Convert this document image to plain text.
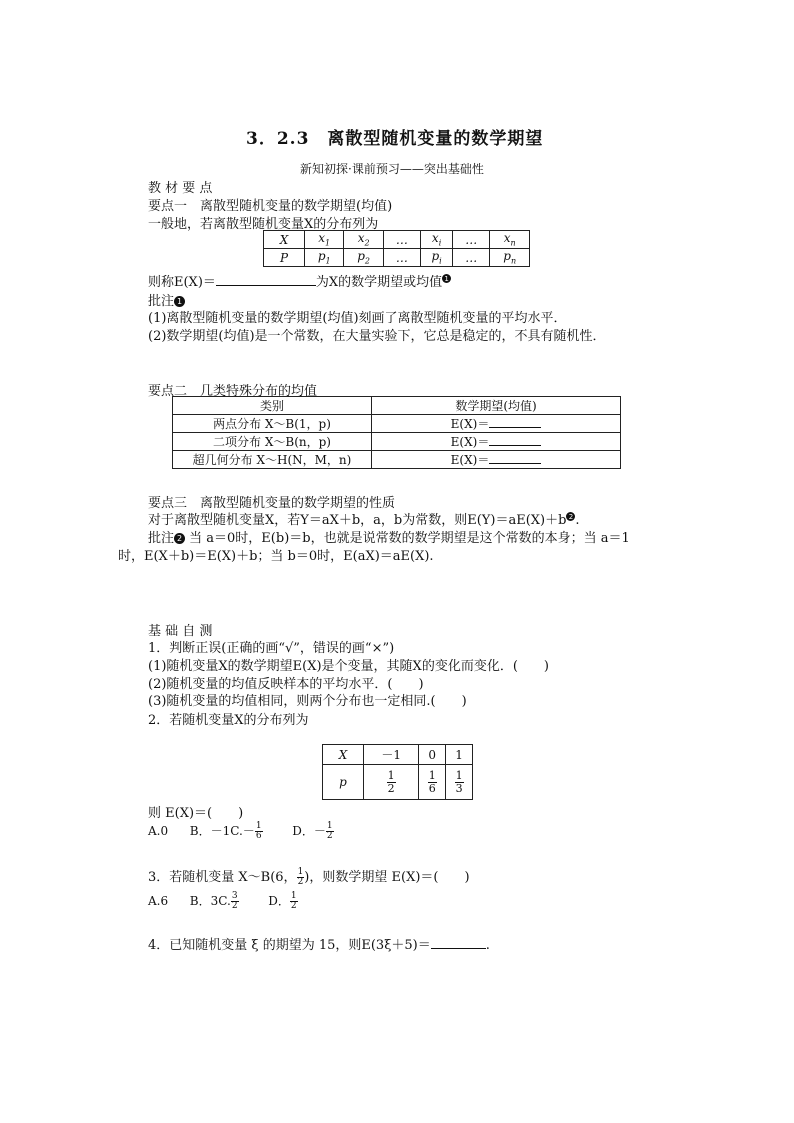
3．2.3　离散型随机变量的数学期望
新知初探·课前预习——突出基础性
教 材 要 点
要点一　离散型随机变量的数学期望(均值)
一般地，若离散型随机变量X的分布列为
X	$x_1$	$x_2$	…	$x_i$	…	$x_n$
P	$p_1$	$p_2$	…	$p_i$	…	$p_n$
则称E(X)＝	为X的数学期望或均值 1
批注 1
(1)离散型随机变量的数学期望(均值)刻画了离散型随机变量的平均水平．
(2)数学期望(均值)是一个常数，在大量实验下，它总是稳定的，不具有随机性．
要点二　几类特殊分布的均值
类别	数学期望(均值)
两点分布 X～B(1，p)	E(X)＝
二项分布 X～B(n，p)	E(X)＝
超几何分布 X～H(N，M，n)	E(X)＝
要点三　离散型随机变量的数学期望的性质
对于离散型随机变量X，若Y＝aX＋b，a，b为常数，则E(Y)＝aE(X)＋b 2 .
批注 2 当 a＝0时，E(b)＝b，也就是说常数的数学期望是这个常数的本身；当 a＝1
时，E(X＋b)＝E(X)＋b；当 b＝0时，E(aX)＝aE(X).
基 础 自 测
1．判断正误(正确的画“√”，错误的画“×”)
(1)随机变量X的数学期望E(X)是个变量，其随X的变化而变化．(　　)
(2)随机变量的均值反映样本的平均水平．(　　)
(3)随机变量的均值相同，则两个分布也一定相同.(　　)
2．若随机变量X的分布列为
X	－1	0	1
p	$\frac{1}{2}$	$\frac{1}{6}$	$\frac{1}{3}$
则 E(X)＝(　　)
A.0 B．$-1C.- \frac{1}{6}$ D．－ $\frac{1}{2}$
3．若随机变量 X～B(6， $\frac{1}{2}$ )，则数学期望 E(X)＝(　　)
A.6 B．3C. $\frac{3}{2}$ D． $\frac{1}{2}$
4．已知随机变量 ξ 的期望为 15，则E(3ξ＋5)＝	.
